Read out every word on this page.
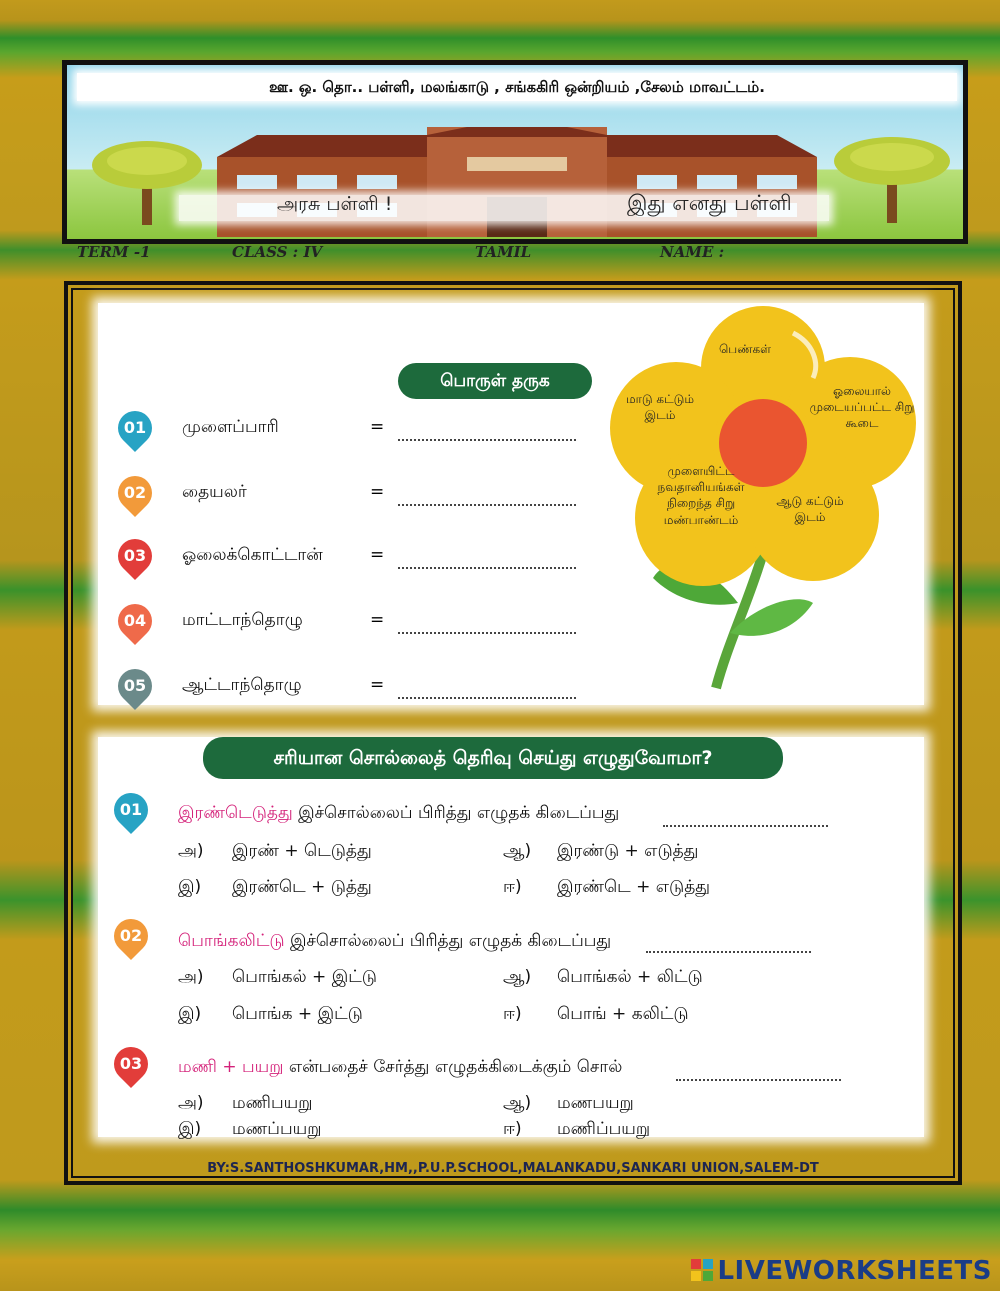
ஊ. ஒ. தொ.. பள்ளி, மலங்காடு , சங்ககிரி ஒன்றியம் ,சேலம் மாவட்டம்.
அரசு பள்ளி !	இது எனது பள்ளி
TERM -1	CLASS : IV	TAMIL	NAME :
பொருள் தருக
01	முளைப்பாரி	=
02	தையலர்	=
03	ஓலைக்கொட்டான்	=
04	மாட்டாந்தொழு	=
05	ஆட்டாந்தொழு	=
பெண்கள்
மாடு கட்டும் இடம்
ஓலையால் முடையப்பட்ட சிறு கூடை
முளையிட்ட நவதானியங்கள் நிறைந்த சிறு மண்பாண்டம்
ஆடு கட்டும் இடம்
சரியான சொல்லைத் தெரிவு செய்து எழுதுவோமா?
01	இரண்டெடுத்து இச்சொல்லைப் பிரித்து எழுதக் கிடைப்பது
அ) இரண் + டெடுத்து	ஆ) இரண்டு + எடுத்து
இ) இரண்டெ + டுத்து	ஈ) இரண்டெ + எடுத்து
02	பொங்கலிட்டு இச்சொல்லைப் பிரித்து எழுதக் கிடைப்பது
அ) பொங்கல் + இட்டு	ஆ) பொங்கல் + லிட்டு
இ) பொங்க + இட்டு	ஈ) பொங் + கலிட்டு
03	மணி + பயறு என்பதைச் சேர்த்து எழுதக்கிடைக்கும் சொல்
அ) மணிபயறு	ஆ) மணபயறு
இ) மணப்பயறு	ஈ) மணிப்பயறு
BY:S.SANTHOSHKUMAR,HM,,P.U.P.SCHOOL,MALANKADU,SANKARI UNION,SALEM-DT
LIVEWORKSHEETS
